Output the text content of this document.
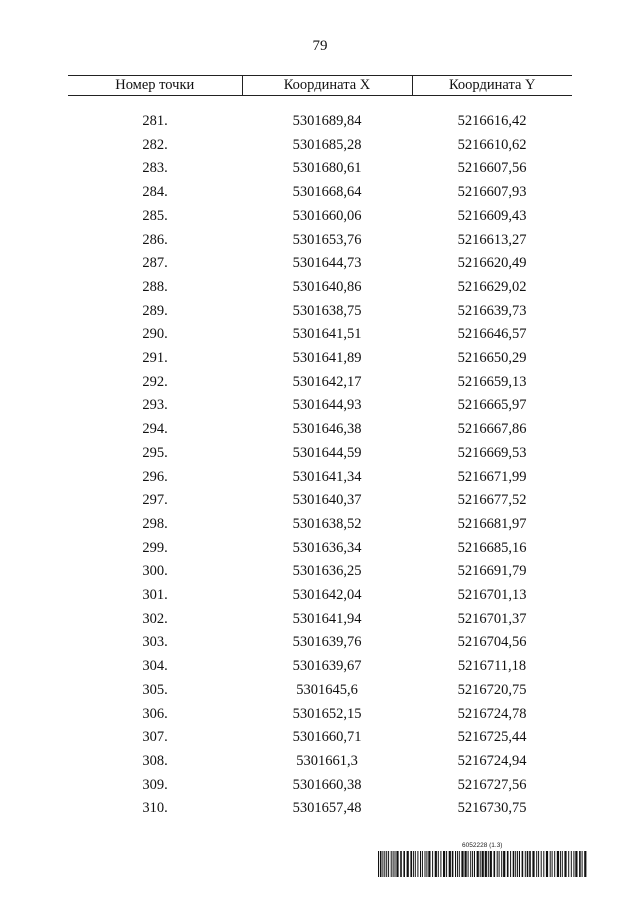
79
Номер точки	Координата X	Координата Y

281.	5301689,84	5216616,42
282.	5301685,28	5216610,62
283.	5301680,61	5216607,56
284.	5301668,64	5216607,93
285.	5301660,06	5216609,43
286.	5301653,76	5216613,27
287.	5301644,73	5216620,49
288.	5301640,86	5216629,02
289.	5301638,75	5216639,73
290.	5301641,51	5216646,57
291.	5301641,89	5216650,29
292.	5301642,17	5216659,13
293.	5301644,93	5216665,97
294.	5301646,38	5216667,86
295.	5301644,59	5216669,53
296.	5301641,34	5216671,99
297.	5301640,37	5216677,52
298.	5301638,52	5216681,97
299.	5301636,34	5216685,16
300.	5301636,25	5216691,79
301.	5301642,04	5216701,13
302.	5301641,94	5216701,37
303.	5301639,76	5216704,56
304.	5301639,67	5216711,18
305.	5301645,6	5216720,75
306.	5301652,15	5216724,78
307.	5301660,71	5216725,44
308.	5301661,3	5216724,94
309.	5301660,38	5216727,56
310.	5301657,48	5216730,75
6052228 (1.3)
